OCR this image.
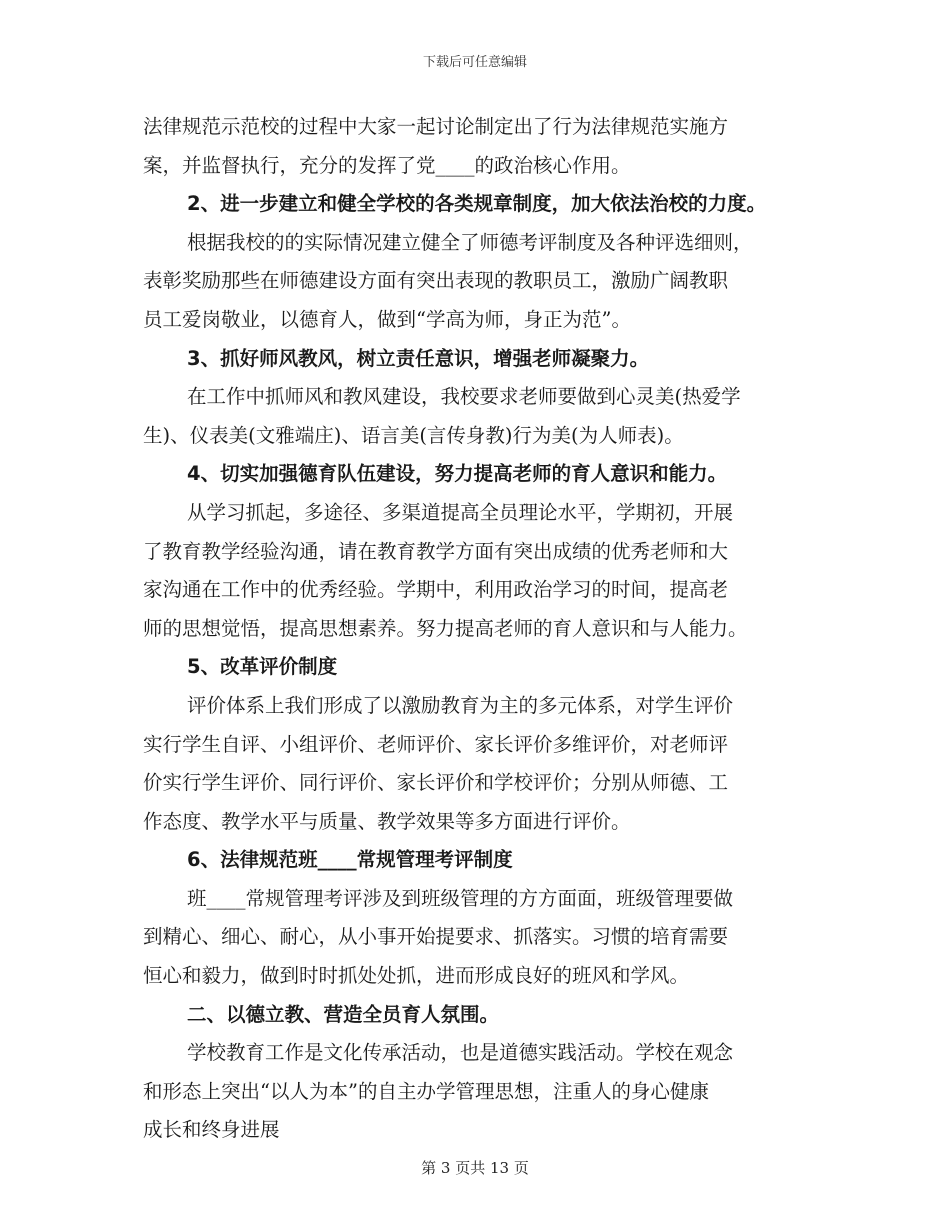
下载后可任意编辑
法律规范示范校的过程中大家一起讨论制定出了行为法律规范实施方
案，并监督执行，充分的发挥了党____的政治核心作用。
2、进一步建立和健全学校的各类规章制度，加大依法治校的力度。
根据我校的的实际情况建立健全了师德考评制度及各种评选细则，
表彰奖励那些在师德建设方面有突出表现的教职员工，激励广阔教职
员工爱岗敬业，以德育人，做到“学高为师，身正为范”。
3、抓好师风教风，树立责任意识，增强老师凝聚力。
在工作中抓师风和教风建设，我校要求老师要做到心灵美(热爱学
生)、仪表美(文雅端庄)、语言美(言传身教)行为美(为人师表)。
4、切实加强德育队伍建设，努力提高老师的育人意识和能力。
从学习抓起，多途径、多渠道提高全员理论水平，学期初，开展
了教育教学经验沟通，请在教育教学方面有突出成绩的优秀老师和大
家沟通在工作中的优秀经验。学期中，利用政治学习的时间，提高老
师的思想觉悟，提高思想素养。努力提高老师的育人意识和与人能力。
5、改革评价制度
评价体系上我们形成了以激励教育为主的多元体系，对学生评价
实行学生自评、小组评价、老师评价、家长评价多维评价，对老师评
价实行学生评价、同行评价、家长评价和学校评价；分别从师德、工
作态度、教学水平与质量、教学效果等多方面进行评价。
6、法律规范班____常规管理考评制度
班____常规管理考评涉及到班级管理的方方面面，班级管理要做
到精心、细心、耐心，从小事开始提要求、抓落实。习惯的培育需要
恒心和毅力，做到时时抓处处抓，进而形成良好的班风和学风。
二、以德立教、营造全员育人氛围。
学校教育工作是文化传承活动，也是道德实践活动。学校在观念
和形态上突出“以人为本”的自主办学管理思想，注重人的身心健康
成长和终身进展
第 3 页共 13 页
